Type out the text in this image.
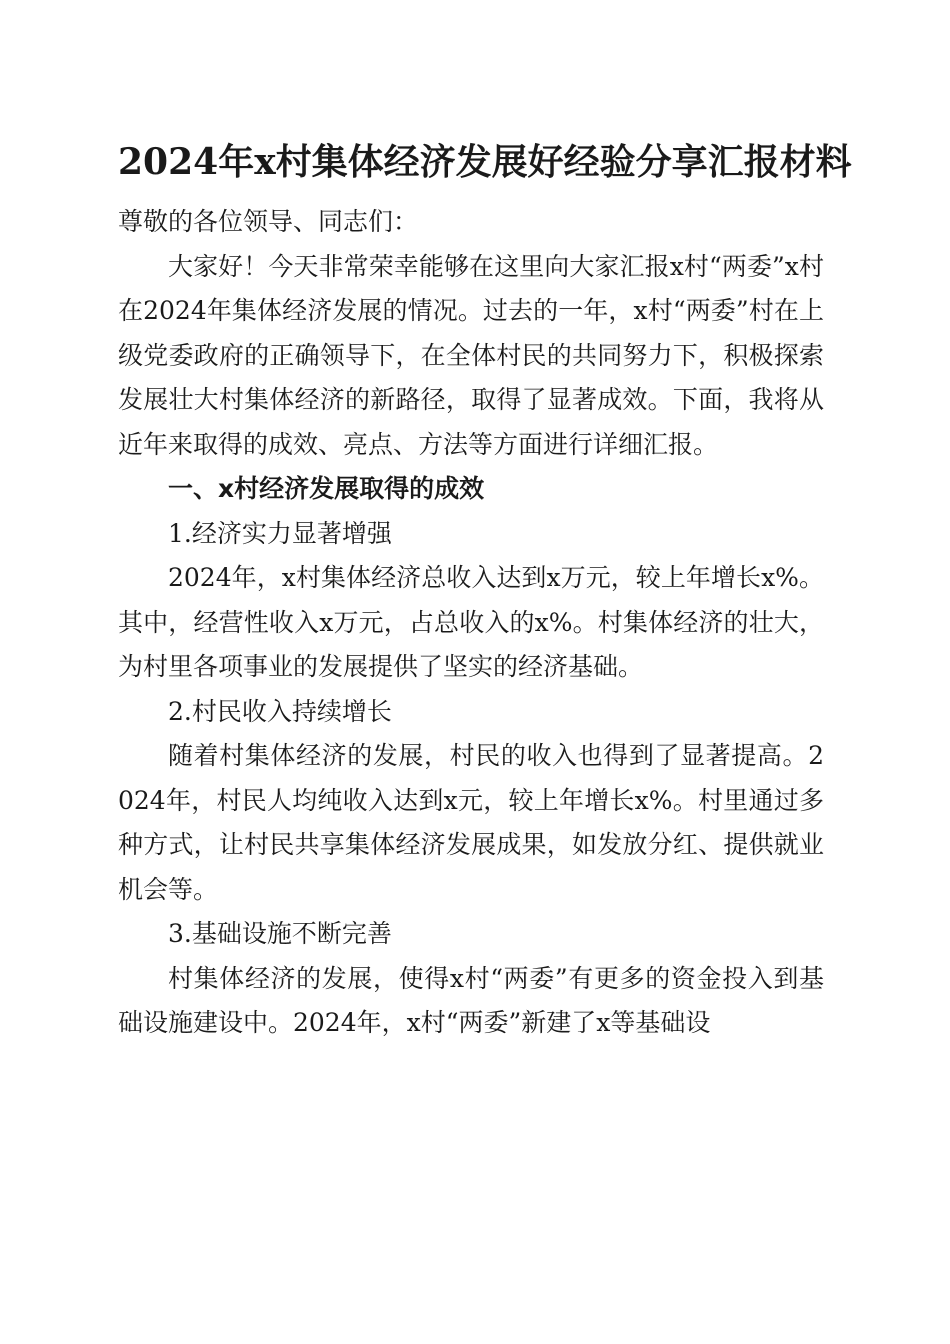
2024年x村集体经济发展好经验分享汇报材料

尊敬的各位领导、同志们：

大家好！今天非常荣幸能够在这里向大家汇报x村“两委”x村在2024年集体经济发展的情况。过去的一年，x村“两委”村在上级党委政府的正确领导下，在全体村民的共同努力下，积极探索发展壮大村集体经济的新路径，取得了显著成效。下面，我将从近年来取得的成效、亮点、方法等方面进行详细汇报。

一、x村经济发展取得的成效

1.经济实力显著增强

2024年，x村集体经济总收入达到x万元，较上年增长x%。其中，经营性收入x万元，占总收入的x%。村集体经济的壮大，为村里各项事业的发展提供了坚实的经济基础。

2.村民收入持续增长

随着村集体经济的发展，村民的收入也得到了显著提高。2024年，村民人均纯收入达到x元，较上年增长x%。村里通过多种方式，让村民共享集体经济发展成果，如发放分红、提供就业机会等。

3.基础设施不断完善

村集体经济的发展，使得x村“两委”有更多的资金投入到基础设施建设中。2024年，x村“两委”新建了x等基础设
